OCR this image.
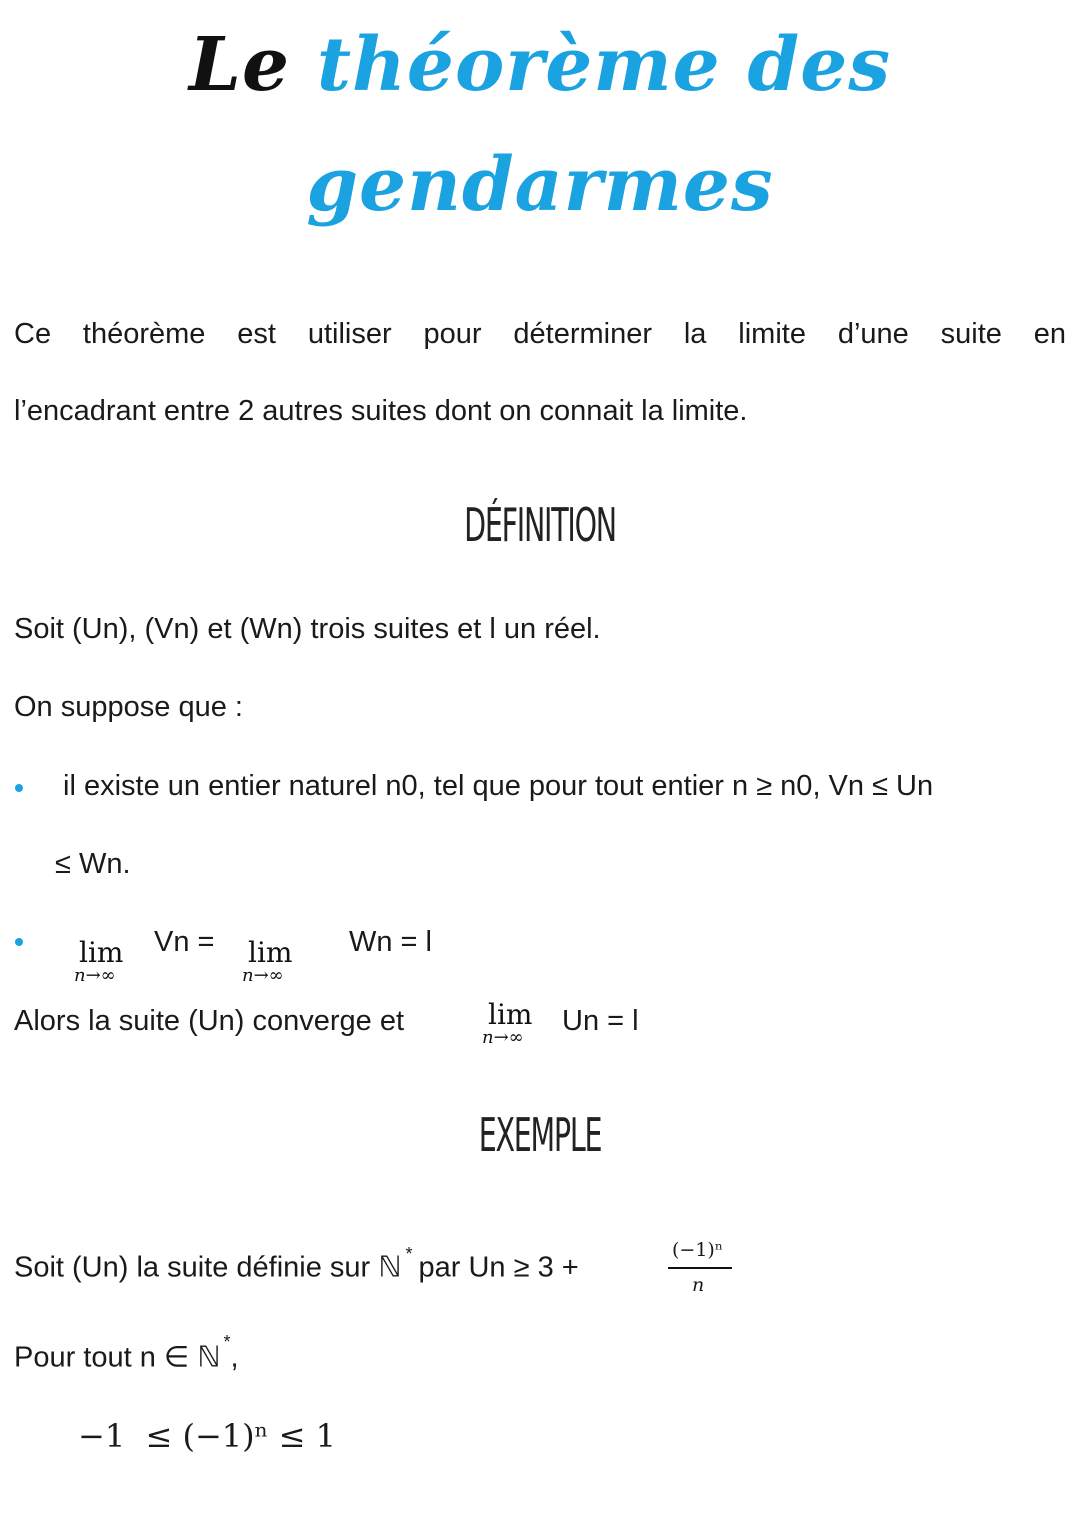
Le théorème des
gendarmes
Ce théorème est utiliser pour déterminer la limite d’une suite en
l’encadrant entre 2 autres suites dont on connait la limite.
DÉFINITION
Soit (Un), (Vn) et (Wn) trois suites et l un réel.
On suppose que :
il existe un entier naturel n0, tel que pour tout entier n ≥ n0, Vn ≤ Un
≤ Wn.
lim
n→∞
Vn = lim
n→∞
Wn = l
Alors la suite (Un) converge et	lim
n→∞
Un = l
EXEMPLE
Soit (Un) la suite définie sur ℕ * par Un ≥ 3 +
(−1)ⁿ
n
Pour tout n ∈ ℕ *,
−1  ≤ (−1)ⁿ ≤ 1
